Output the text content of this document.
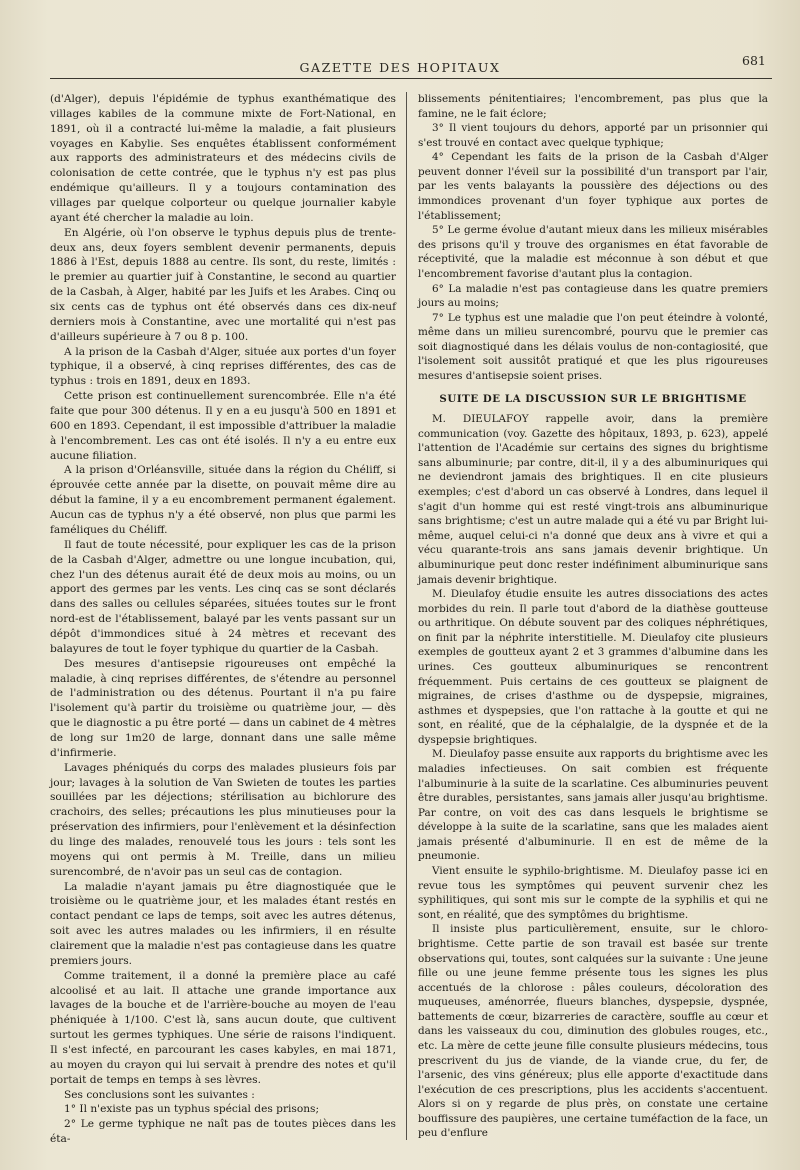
GAZETTE DES HOPITAUX	681

(d'Alger), depuis l'épidémie de typhus exanthématique des villages kabiles de la commune mixte de Fort-National, en 1891, où il a contracté lui-même la maladie, a fait plusieurs voyages en Kabylie. Ses enquêtes établissent conformément aux rapports des administrateurs et des médecins civils de colonisation de cette contrée, que le typhus n'y est pas plus endémique qu'ailleurs. Il y a toujours contamination des villages par quelque colporteur ou quelque journalier kabyle ayant été chercher la maladie au loin.

En Algérie, où l'on observe le typhus depuis plus de trente-deux ans, deux foyers semblent devenir permanents, depuis 1886 à l'Est, depuis 1888 au centre. Ils sont, du reste, limités : le premier au quartier juif à Constantine, le second au quartier de la Casbah, à Alger, habité par les Juifs et les Arabes. Cinq ou six cents cas de typhus ont été observés dans ces dix-neuf derniers mois à Constantine, avec une mortalité qui n'est pas d'ailleurs supérieure à 7 ou 8 p. 100.

A la prison de la Casbah d'Alger, située aux portes d'un foyer typhique, il a observé, à cinq reprises différentes, des cas de typhus : trois en 1891, deux en 1893.

Cette prison est continuellement surencombrée. Elle n'a été faite que pour 300 détenus. Il y en a eu jusqu'à 500 en 1891 et 600 en 1893. Cependant, il est impossible d'attribuer la maladie à l'encombrement. Les cas ont été isolés. Il n'y a eu entre eux aucune filiation.

A la prison d'Orléansville, située dans la région du Chéliff, si éprouvée cette année par la disette, on pouvait même dire au début la famine, il y a eu encombrement permanent également. Aucun cas de typhus n'y a été observé, non plus que parmi les faméliques du Chéliff.

Il faut de toute nécessité, pour expliquer les cas de la prison de la Casbah d'Alger, admettre ou une longue incubation, qui, chez l'un des détenus aurait été de deux mois au moins, ou un apport des germes par les vents. Les cinq cas se sont déclarés dans des salles ou cellules séparées, situées toutes sur le front nord-est de l'établissement, balayé par les vents passant sur un dépôt d'immondices situé à 24 mètres et recevant des balayures de tout le foyer typhique du quartier de la Casbah.

Des mesures d'antisepsie rigoureuses ont empêché la maladie, à cinq reprises différentes, de s'étendre au personnel de l'administration ou des détenus. Pourtant il n'a pu faire l'isolement qu'à partir du troisième ou quatrième jour, — dès que le diagnostic a pu être porté — dans un cabinet de 4 mètres de long sur 1m20 de large, donnant dans une salle même d'infirmerie.

Lavages phéniqués du corps des malades plusieurs fois par jour; lavages à la solution de Van Swieten de toutes les parties souillées par les déjections; stérilisation au bichlorure des crachoirs, des selles; précautions les plus minutieuses pour la préservation des infirmiers, pour l'enlèvement et la désinfection du linge des malades, renouvelé tous les jours : tels sont les moyens qui ont permis à M. Treille, dans un milieu surencombré, de n'avoir pas un seul cas de contagion.

La maladie n'ayant jamais pu être diagnostiquée que le troisième ou le quatrième jour, et les malades étant restés en contact pendant ce laps de temps, soit avec les autres détenus, soit avec les autres malades ou les infirmiers, il en résulte clairement que la maladie n'est pas contagieuse dans les quatre premiers jours.

Comme traitement, il a donné la première place au café alcoolisé et au lait. Il attache une grande importance aux lavages de la bouche et de l'arrière-bouche au moyen de l'eau phéniquée à 1/100. C'est là, sans aucun doute, que cultivent surtout les germes typhiques. Une série de raisons l'indiquent. Il s'est infecté, en parcourant les cases kabyles, en mai 1871, au moyen du crayon qui lui servait à prendre des notes et qu'il portait de temps en temps à ses lèvres.

Ses conclusions sont les suivantes :

1° Il n'existe pas un typhus spécial des prisons;

2° Le germe typhique ne naît pas de toutes pièces dans les éta-

blissements pénitentiaires; l'encombrement, pas plus que la famine, ne le fait éclore;

3° Il vient toujours du dehors, apporté par un prisonnier qui s'est trouvé en contact avec quelque typhique;

4° Cependant les faits de la prison de la Casbah d'Alger peuvent donner l'éveil sur la possibilité d'un transport par l'air, par les vents balayants la poussière des déjections ou des immondices provenant d'un foyer typhique aux portes de l'établissement;

5° Le germe évolue d'autant mieux dans les milieux misérables des prisons qu'il y trouve des organismes en état favorable de réceptivité, que la maladie est méconnue à son début et que l'encombrement favorise d'autant plus la contagion.

6° La maladie n'est pas contagieuse dans les quatre premiers jours au moins;

7° Le typhus est une maladie que l'on peut éteindre à volonté, même dans un milieu surencombré, pourvu que le premier cas soit diagnostiqué dans les délais voulus de non-contagiosité, que l'isolement soit aussitôt pratiqué et que les plus rigoureuses mesures d'antisepsie soient prises.

SUITE DE LA DISCUSSION SUR LE BRIGHTISME

M. DIEULAFOY rappelle avoir, dans la première communication (voy. Gazette des hôpitaux, 1893, p. 623), appelé l'attention de l'Académie sur certains des signes du brightisme sans albuminurie; par contre, dit-il, il y a des albuminuriques qui ne deviendront jamais des brightiques. Il en cite plusieurs exemples; c'est d'abord un cas observé à Londres, dans lequel il s'agit d'un homme qui est resté vingt-trois ans albuminurique sans brightisme; c'est un autre malade qui a été vu par Bright lui-même, auquel celui-ci n'a donné que deux ans à vivre et qui a vécu quarante-trois ans sans jamais devenir brightique. Un albuminurique peut donc rester indéfiniment albuminurique sans jamais devenir brightique.

M. Dieulafoy étudie ensuite les autres dissociations des actes morbides du rein. Il parle tout d'abord de la diathèse goutteuse ou arthritique. On débute souvent par des coliques néphrétiques, on finit par la néphrite interstitielle. M. Dieulafoy cite plusieurs exemples de goutteux ayant 2 et 3 grammes d'albumine dans les urines. Ces goutteux albuminuriques se rencontrent fréquemment. Puis certains de ces goutteux se plaignent de migraines, de crises d'asthme ou de dyspepsie, migraines, asthmes et dyspepsies, que l'on rattache à la goutte et qui ne sont, en réalité, que de la céphalalgie, de la dyspnée et de la dyspepsie brightiques.

M. Dieulafoy passe ensuite aux rapports du brightisme avec les maladies infectieuses. On sait combien est fréquente l'albuminurie à la suite de la scarlatine. Ces albuminuries peuvent être durables, persistantes, sans jamais aller jusqu'au brightisme. Par contre, on voit des cas dans lesquels le brightisme se développe à la suite de la scarlatine, sans que les malades aient jamais présenté d'albuminurie. Il en est de même de la pneumonie.

Vient ensuite le syphilo-brightisme. M. Dieulafoy passe ici en revue tous les symptômes qui peuvent survenir chez les syphilitiques, qui sont mis sur le compte de la syphilis et qui ne sont, en réalité, que des symptômes du brightisme.

Il insiste plus particulièrement, ensuite, sur le chloro-brightisme. Cette partie de son travail est basée sur trente observations qui, toutes, sont calquées sur la suivante : Une jeune fille ou une jeune femme présente tous les signes les plus accentués de la chlorose : pâles couleurs, décoloration des muqueuses, aménorrée, flueurs blanches, dyspepsie, dyspnée, battements de cœur, bizarreries de caractère, souffle au cœur et dans les vaisseaux du cou, diminution des globules rouges, etc., etc. La mère de cette jeune fille consulte plusieurs médecins, tous prescrivent du jus de viande, de la viande crue, du fer, de l'arsenic, des vins généreux; plus elle apporte d'exactitude dans l'exécution de ces prescriptions, plus les accidents s'accentuent. Alors si on y regarde de plus près, on constate une certaine bouffissure des paupières, une certaine tuméfaction de la face, un peu d'enflure
